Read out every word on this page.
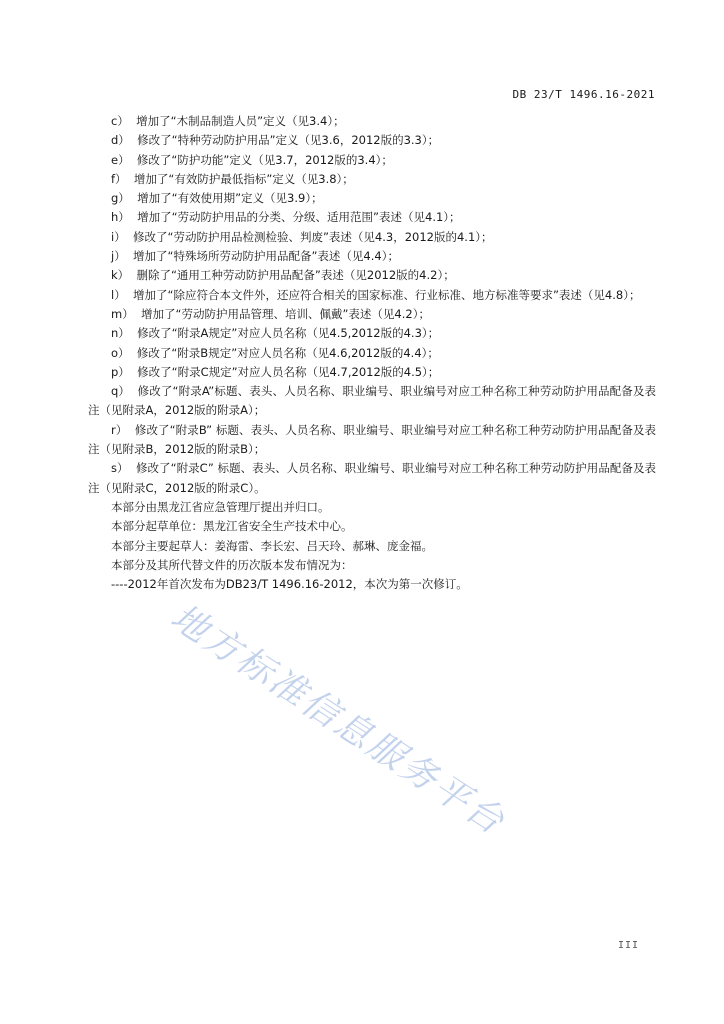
DB 23/T 1496.16-2021

c）  增加了“木制品制造人员”定义（见3.4）；

d）  修改了“特种劳动防护用品”定义（见3.6，2012版的3.3）；

e）  修改了“防护功能”定义（见3.7，2012版的3.4）；

f）  增加了“有效防护最低指标”定义（见3.8）；

g）  增加了“有效使用期”定义（见3.9）；

h）  增加了“劳动防护用品的分类、分级、适用范围”表述（见4.1）；

i）  修改了“劳动防护用品检测检验、判废”表述（见4.3，2012版的4.1）；

j）  增加了“特殊场所劳动防护用品配备”表述（见4.4）；

k）  删除了“通用工种劳动防护用品配备”表述（见2012版的4.2）；

l）  增加了“除应符合本文件外，还应符合相关的国家标准、行业标准、地方标准等要求”表述（见4.8）；

m）  增加了“劳动防护用品管理、培训、佩戴”表述（见4.2）；

n）  修改了“附录A规定”对应人员名称（见4.5,2012版的4.3）；

o）  修改了“附录B规定”对应人员名称（见4.6,2012版的4.4）；

p）  修改了“附录C规定”对应人员名称（见4.7,2012版的4.5）；

q）  修改了“附录A”标题、表头、人员名称、职业编号、职业编号对应工种名称工种劳动防护用品配备及表注（见附录A，2012版的附录A）；

r）  修改了“附录B” 标题、表头、人员名称、职业编号、职业编号对应工种名称工种劳动防护用品配备及表注（见附录B，2012版的附录B）；

s）  修改了“附录C” 标题、表头、人员名称、职业编号、职业编号对应工种名称工种劳动防护用品配备及表注（见附录C，2012版的附录C）。

本部分由黑龙江省应急管理厅提出并归口。

本部分起草单位：黑龙江省安全生产技术中心。

本部分主要起草人：姜海雷、李长宏、吕天玲、郝琳、庞金福。

本部分及其所代替文件的历次版本发布情况为：

----2012年首次发布为DB23/T 1496.16-2012，本次为第一次修订。

地方标准信息服务平台
III
